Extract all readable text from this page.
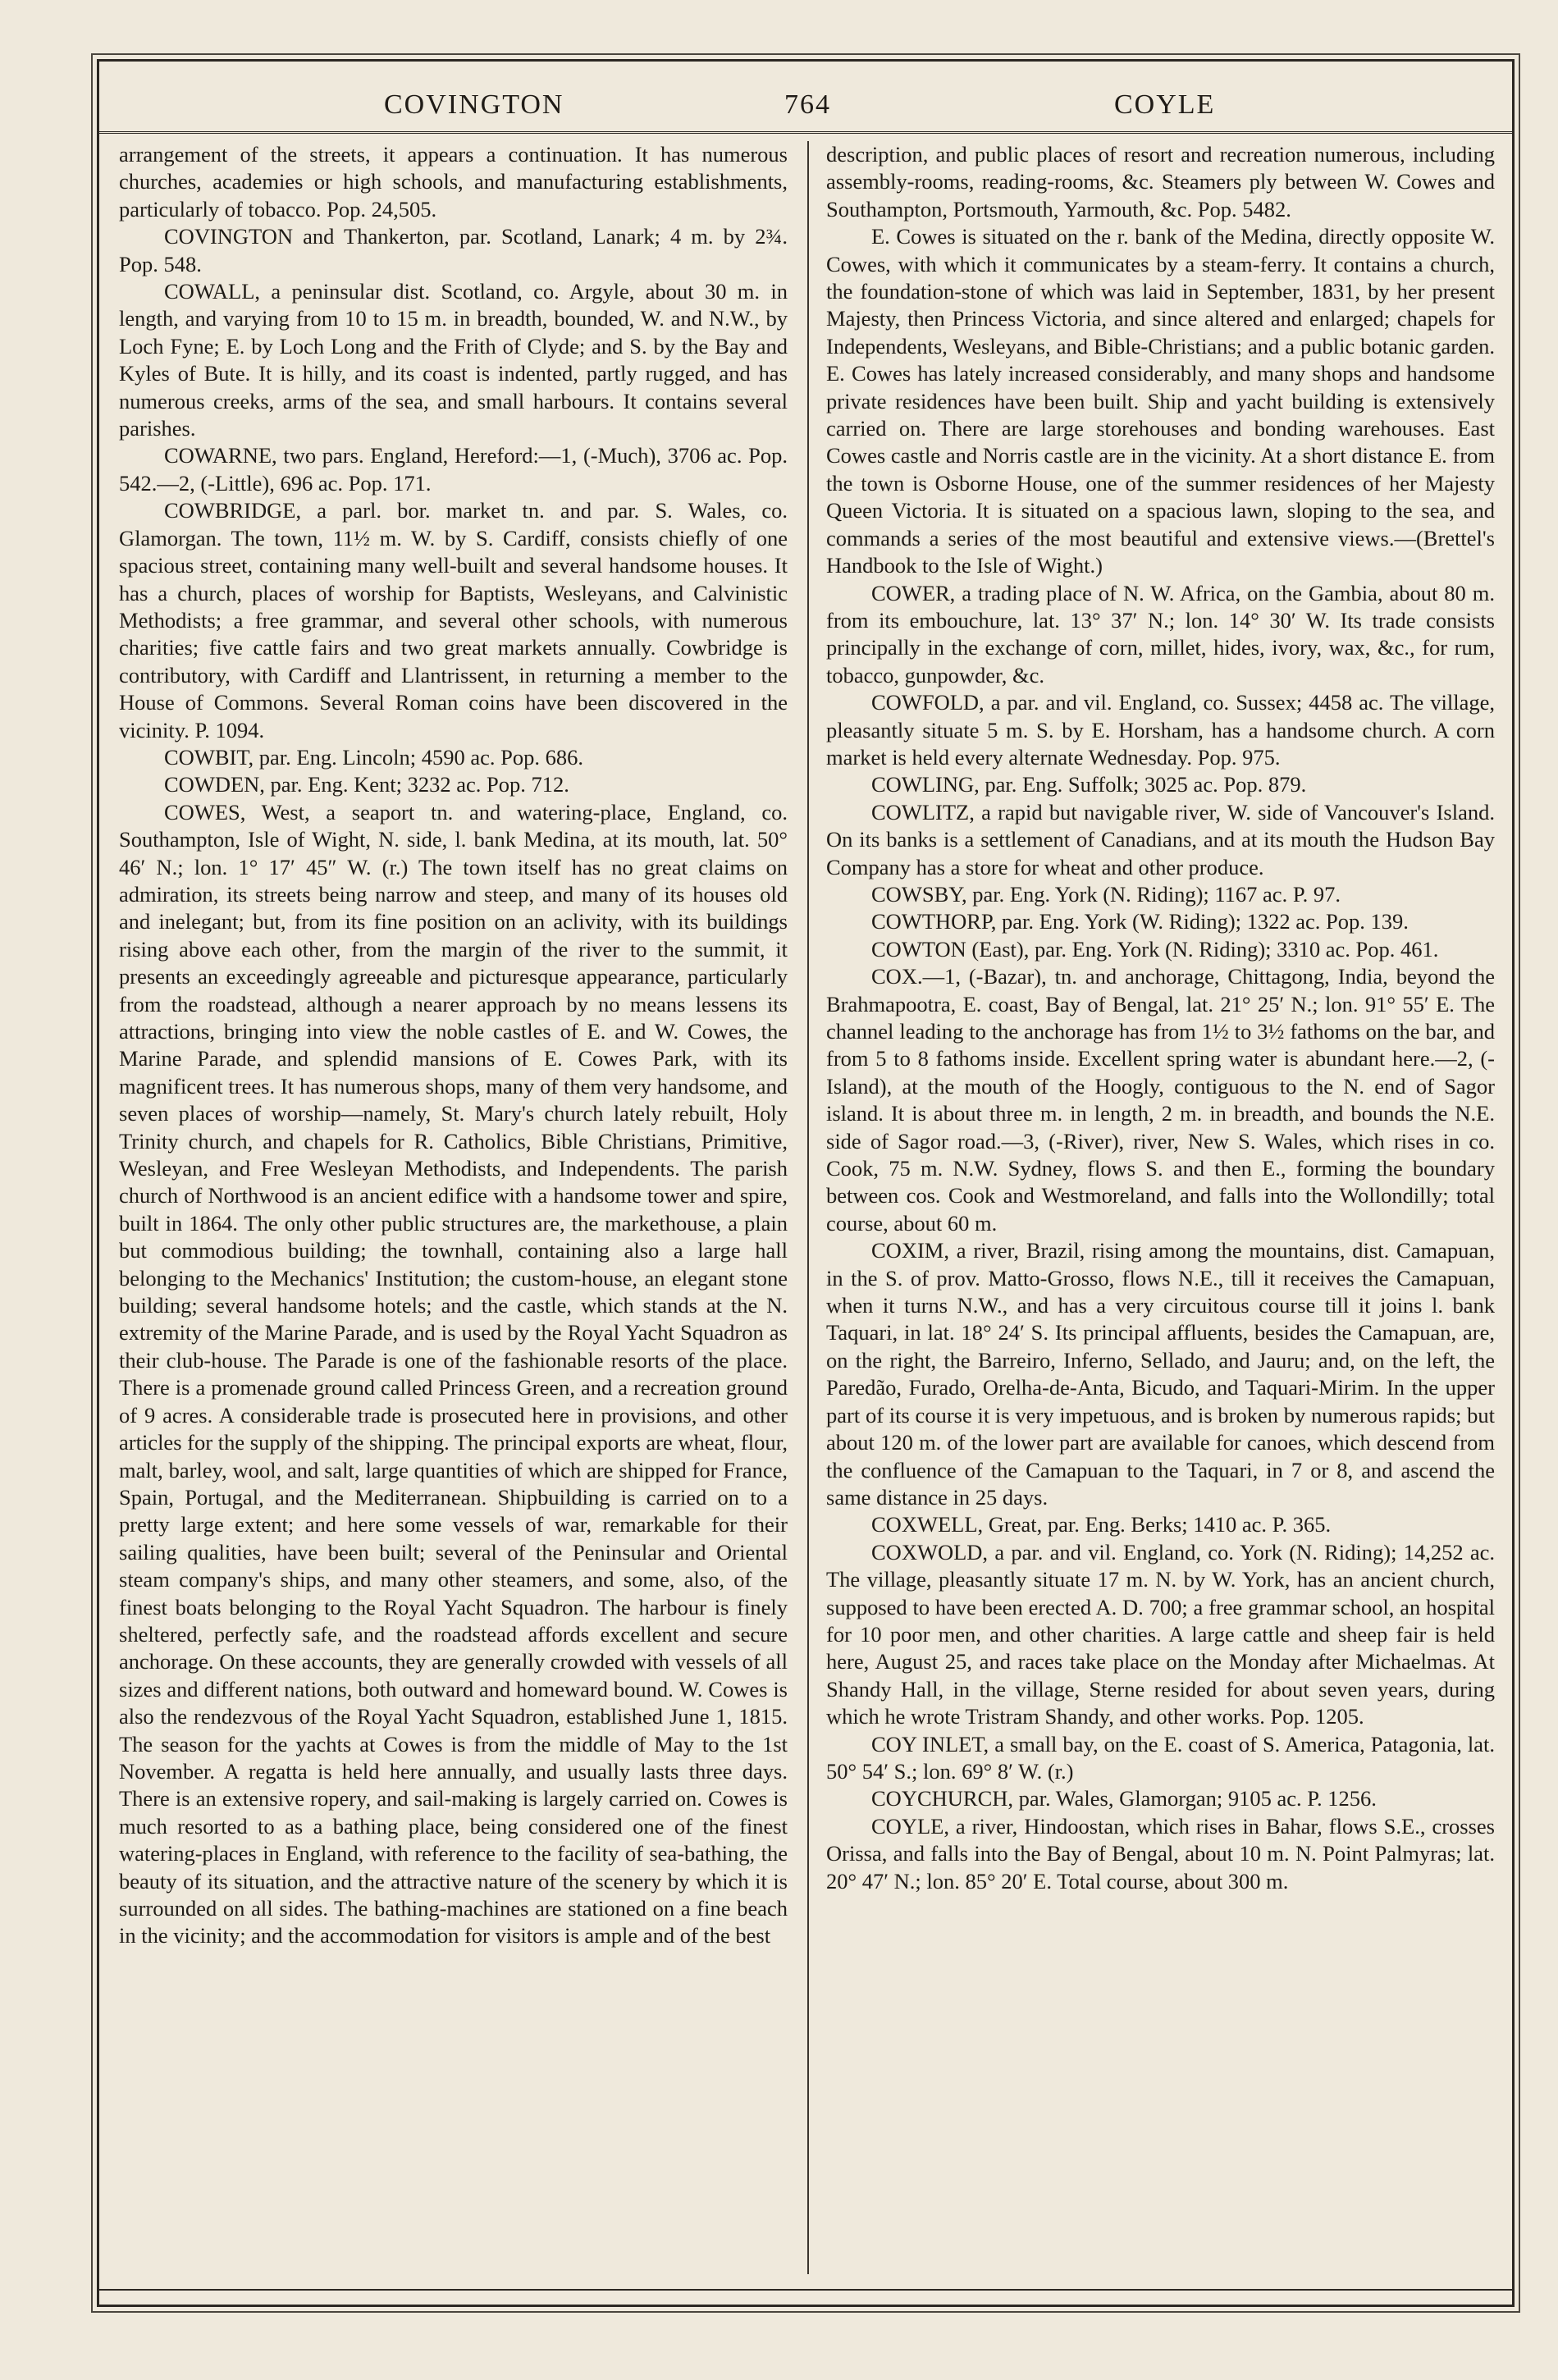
COVINGTON	764	COYLE

arrangement of the streets, it appears a continuation. It has numerous churches, academies or high schools, and manufacturing establishments, particularly of tobacco. Pop. 24,505.

COVINGTON and Thankerton, par. Scotland, Lanark; 4 m. by 2¾. Pop. 548.

COWALL, a peninsular dist. Scotland, co. Argyle, about 30 m. in length, and varying from 10 to 15 m. in breadth, bounded, W. and N.W., by Loch Fyne; E. by Loch Long and the Frith of Clyde; and S. by the Bay and Kyles of Bute. It is hilly, and its coast is indented, partly rugged, and has numerous creeks, arms of the sea, and small harbours. It contains several parishes.

COWARNE, two pars. England, Hereford:—1, (-Much), 3706 ac. Pop. 542.—2, (-Little), 696 ac. Pop. 171.

COWBRIDGE, a parl. bor. market tn. and par. S. Wales, co. Glamorgan. The town, 11½ m. W. by S. Cardiff, consists chiefly of one spacious street, containing many well-built and several handsome houses. It has a church, places of worship for Baptists, Wesleyans, and Calvinistic Methodists; a free grammar, and several other schools, with numerous charities; five cattle fairs and two great markets annually. Cowbridge is contributory, with Cardiff and Llantrissent, in returning a member to the House of Commons. Several Roman coins have been discovered in the vicinity. P. 1094.

COWBIT, par. Eng. Lincoln; 4590 ac. Pop. 686.

COWDEN, par. Eng. Kent; 3232 ac. Pop. 712.

COWES, West, a seaport tn. and watering-place, England, co. Southampton, Isle of Wight, N. side, l. bank Medina, at its mouth, lat. 50° 46′ N.; lon. 1° 17′ 45″ W. (r.) The town itself has no great claims on admiration, its streets being narrow and steep, and many of its houses old and inelegant; but, from its fine position on an aclivity, with its buildings rising above each other, from the margin of the river to the summit, it presents an exceedingly agreeable and picturesque appearance, particularly from the roadstead, although a nearer approach by no means lessens its attractions, bringing into view the noble castles of E. and W. Cowes, the Marine Parade, and splendid mansions of E. Cowes Park, with its magnificent trees. It has numerous shops, many of them very handsome, and seven places of worship—namely, St. Mary's church lately rebuilt, Holy Trinity church, and chapels for R. Catholics, Bible Christians, Primitive, Wesleyan, and Free Wesleyan Methodists, and Independents. The parish church of Northwood is an ancient edifice with a handsome tower and spire, built in 1864. The only other public structures are, the markethouse, a plain but commodious building; the townhall, containing also a large hall belonging to the Mechanics' Institution; the custom-house, an elegant stone building; several handsome hotels; and the castle, which stands at the N. extremity of the Marine Parade, and is used by the Royal Yacht Squadron as their club-house. The Parade is one of the fashionable resorts of the place. There is a promenade ground called Princess Green, and a recreation ground of 9 acres. A considerable trade is prosecuted here in provisions, and other articles for the supply of the shipping. The principal exports are wheat, flour, malt, barley, wool, and salt, large quantities of which are shipped for France, Spain, Portugal, and the Mediterranean. Shipbuilding is carried on to a pretty large extent; and here some vessels of war, remarkable for their sailing qualities, have been built; several of the Peninsular and Oriental steam company's ships, and many other steamers, and some, also, of the finest boats belonging to the Royal Yacht Squadron. The harbour is finely sheltered, perfectly safe, and the roadstead affords excellent and secure anchorage. On these accounts, they are generally crowded with vessels of all sizes and different nations, both outward and homeward bound. W. Cowes is also the rendezvous of the Royal Yacht Squadron, established June 1, 1815. The season for the yachts at Cowes is from the middle of May to the 1st November. A regatta is held here annually, and usually lasts three days. There is an extensive ropery, and sail-making is largely carried on. Cowes is much resorted to as a bathing place, being considered one of the finest watering-places in England, with reference to the facility of sea-bathing, the beauty of its situation, and the attractive nature of the scenery by which it is surrounded on all sides. The bathing-machines are stationed on a fine beach in the vicinity; and the accommodation for visitors is ample and of the best

description, and public places of resort and recreation numerous, including assembly-rooms, reading-rooms, &c. Steamers ply between W. Cowes and Southampton, Portsmouth, Yarmouth, &c. Pop. 5482.

E. Cowes is situated on the r. bank of the Medina, directly opposite W. Cowes, with which it communicates by a steam-ferry. It contains a church, the foundation-stone of which was laid in September, 1831, by her present Majesty, then Princess Victoria, and since altered and enlarged; chapels for Independents, Wesleyans, and Bible-Christians; and a public botanic garden. E. Cowes has lately increased considerably, and many shops and handsome private residences have been built. Ship and yacht building is extensively carried on. There are large storehouses and bonding warehouses. East Cowes castle and Norris castle are in the vicinity. At a short distance E. from the town is Osborne House, one of the summer residences of her Majesty Queen Victoria. It is situated on a spacious lawn, sloping to the sea, and commands a series of the most beautiful and extensive views.—(Brettel's Handbook to the Isle of Wight.)

COWER, a trading place of N. W. Africa, on the Gambia, about 80 m. from its embouchure, lat. 13° 37′ N.; lon. 14° 30′ W. Its trade consists principally in the exchange of corn, millet, hides, ivory, wax, &c., for rum, tobacco, gunpowder, &c.

COWFOLD, a par. and vil. England, co. Sussex; 4458 ac. The village, pleasantly situate 5 m. S. by E. Horsham, has a handsome church. A corn market is held every alternate Wednesday. Pop. 975.

COWLING, par. Eng. Suffolk; 3025 ac. Pop. 879.

COWLITZ, a rapid but navigable river, W. side of Vancouver's Island. On its banks is a settlement of Canadians, and at its mouth the Hudson Bay Company has a store for wheat and other produce.

COWSBY, par. Eng. York (N. Riding); 1167 ac. P. 97.

COWTHORP, par. Eng. York (W. Riding); 1322 ac. Pop. 139.

COWTON (East), par. Eng. York (N. Riding); 3310 ac. Pop. 461.

COX.—1, (-Bazar), tn. and anchorage, Chittagong, India, beyond the Brahmapootra, E. coast, Bay of Bengal, lat. 21° 25′ N.; lon. 91° 55′ E. The channel leading to the anchorage has from 1½ to 3½ fathoms on the bar, and from 5 to 8 fathoms inside. Excellent spring water is abundant here.—2, (-Island), at the mouth of the Hoogly, contiguous to the N. end of Sagor island. It is about three m. in length, 2 m. in breadth, and bounds the N.E. side of Sagor road.—3, (-River), river, New S. Wales, which rises in co. Cook, 75 m. N.W. Sydney, flows S. and then E., forming the boundary between cos. Cook and Westmoreland, and falls into the Wollondilly; total course, about 60 m.

COXIM, a river, Brazil, rising among the mountains, dist. Camapuan, in the S. of prov. Matto-Grosso, flows N.E., till it receives the Camapuan, when it turns N.W., and has a very circuitous course till it joins l. bank Taquari, in lat. 18° 24′ S. Its principal affluents, besides the Camapuan, are, on the right, the Barreiro, Inferno, Sellado, and Jauru; and, on the left, the Paredão, Furado, Orelha-de-Anta, Bicudo, and Taquari-Mirim. In the upper part of its course it is very impetuous, and is broken by numerous rapids; but about 120 m. of the lower part are available for canoes, which descend from the confluence of the Camapuan to the Taquari, in 7 or 8, and ascend the same distance in 25 days.

COXWELL, Great, par. Eng. Berks; 1410 ac. P. 365.

COXWOLD, a par. and vil. England, co. York (N. Riding); 14,252 ac. The village, pleasantly situate 17 m. N. by W. York, has an ancient church, supposed to have been erected A. D. 700; a free grammar school, an hospital for 10 poor men, and other charities. A large cattle and sheep fair is held here, August 25, and races take place on the Monday after Michaelmas. At Shandy Hall, in the village, Sterne resided for about seven years, during which he wrote Tristram Shandy, and other works. Pop. 1205.

COY INLET, a small bay, on the E. coast of S. America, Patagonia, lat. 50° 54′ S.; lon. 69° 8′ W. (r.)

COYCHURCH, par. Wales, Glamorgan; 9105 ac. P. 1256.

COYLE, a river, Hindoostan, which rises in Bahar, flows S.E., crosses Orissa, and falls into the Bay of Bengal, about 10 m. N. Point Palmyras; lat. 20° 47′ N.; lon. 85° 20′ E. Total course, about 300 m.
